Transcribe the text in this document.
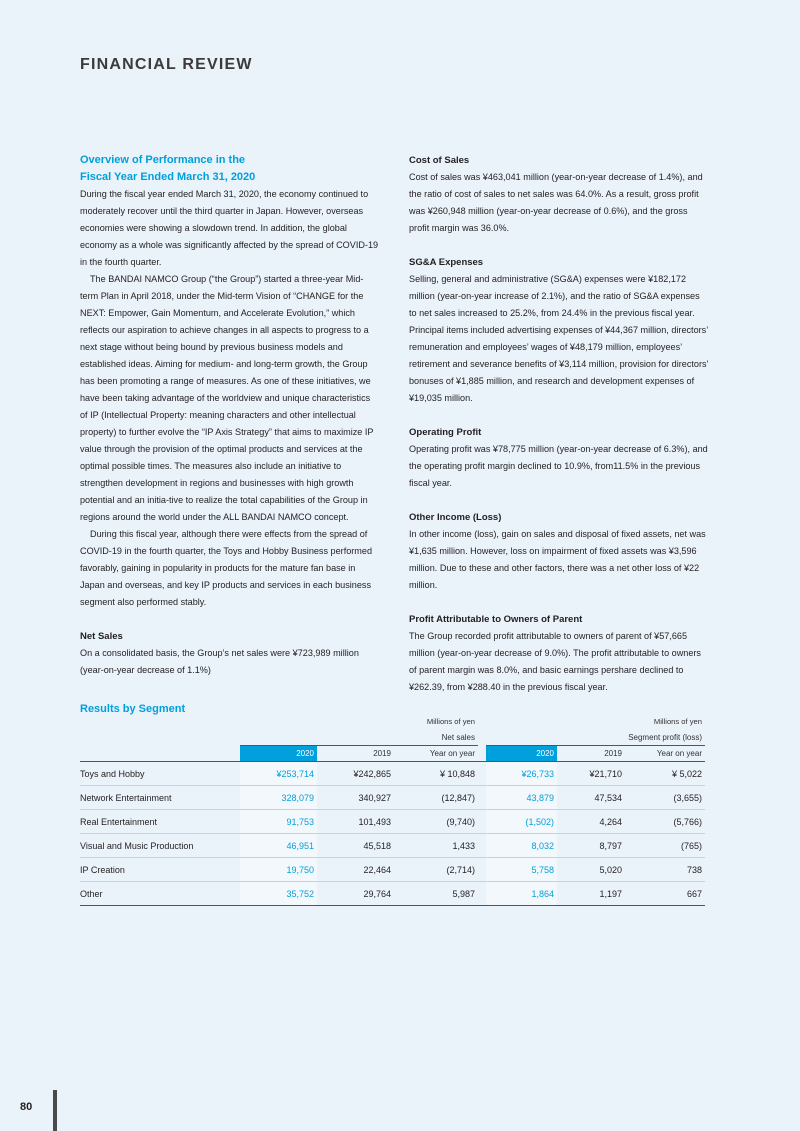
FINANCIAL REVIEW

Overview of Performance in the

Fiscal Year Ended March 31, 2020

During the fiscal year ended March 31, 2020, the economy continued to moderately recover until the third quarter in Japan. However, overseas economies were showing a slowdown trend. In addition, the global economy as a whole was significantly affected by the spread of COVID-19 in the fourth quarter.

The BANDAI NAMCO Group (“the Group”) started a three-year Mid-term Plan in April 2018, under the Mid-term Vision of “CHANGE for the NEXT: Empower, Gain Momentum, and Accelerate Evolution,” which reflects our aspiration to achieve changes in all aspects to progress to a next stage without being bound by previous business models and established ideas. Aiming for medium- and long-term growth, the Group has been promoting a range of measures. As one of these initiatives, we have been taking advantage of the worldview and unique characteristics of IP (Intellectual Property: meaning characters and other intellectual property) to further evolve the “IP Axis Strategy” that aims to maximize IP value through the provision of the optimal products and services at the optimal possible times. The measures also include an initiative to strengthen development in regions and businesses with high growth potential and an initia-tive to realize the total capabilities of the Group in regions around the world under the ALL BANDAI NAMCO concept.

During this fiscal year, although there were effects from the spread of COVID-19 in the fourth quarter, the Toys and Hobby Business performed favorably, gaining in popularity in products for the mature fan base in Japan and overseas, and key IP products and services in each business segment also performed stably.

Net Sales

On a consolidated basis, the Group’s net sales were ¥723,989 million (year-on-year decrease of 1.1%)

Cost of Sales

Cost of sales was ¥463,041 million (year-on-year decrease of 1.4%), and the ratio of cost of sales to net sales was 64.0%. As a result, gross profit was ¥260,948 million (year-on-year decrease of 0.6%), and the gross profit margin was 36.0%.

SG&A Expenses

Selling, general and administrative (SG&A) expenses were ¥182,172 million (year-on-year increase of 2.1%), and the ratio of SG&A expenses to net sales increased to 25.2%, from 24.4% in the previous fiscal year. Principal items included advertising expenses of ¥44,367 million, directors’ remuneration and employees’ wages of ¥48,179 million, employees’ retirement and severance benefits of ¥3,114 million, provision for directors’ bonuses of ¥1,885 million, and research and development expenses of ¥19,035 million.

Operating Profit

Operating profit was ¥78,775 million (year-on-year decrease of 6.3%), and the operating profit margin declined to 10.9%, from11.5% in the previous fiscal year.

Other Income (Loss)

In other income (loss), gain on sales and disposal of fixed assets, net was ¥1,635 million. However, loss on impairment of fixed assets was ¥3,596 million. Due to these and other factors, there was a net other loss of ¥22 million.

Profit Attributable to Owners of Parent

The Group recorded profit attributable to owners of parent of ¥57,665 million (year-on-year decrease of 9.0%). The profit attributable to owners of parent margin was 8.0%, and basic earnings pershare declined to ¥262.39, from ¥288.40 in the previous fiscal year.

Results by Segment
	Millions of yen				Millions of yen		
	Net sales				Segment profit (loss)		
	2020	2019	Year on year		2020	2019	Year on year
Toys and Hobby	¥253,714	¥242,865	¥ 10,848		¥26,733	¥21,710	¥ 5,022
Network Entertainment	328,079	340,927	(12,847)		43,879	47,534	(3,655)
Real Entertainment	91,753	101,493	(9,740)		(1,502)	4,264	(5,766)
Visual and Music Production	46,951	45,518	1,433		8,032	8,797	(765)
IP Creation	19,750	22,464	(2,714)		5,758	5,020	738
Other	35,752	29,764	5,987		1,864	1,197	667
80
